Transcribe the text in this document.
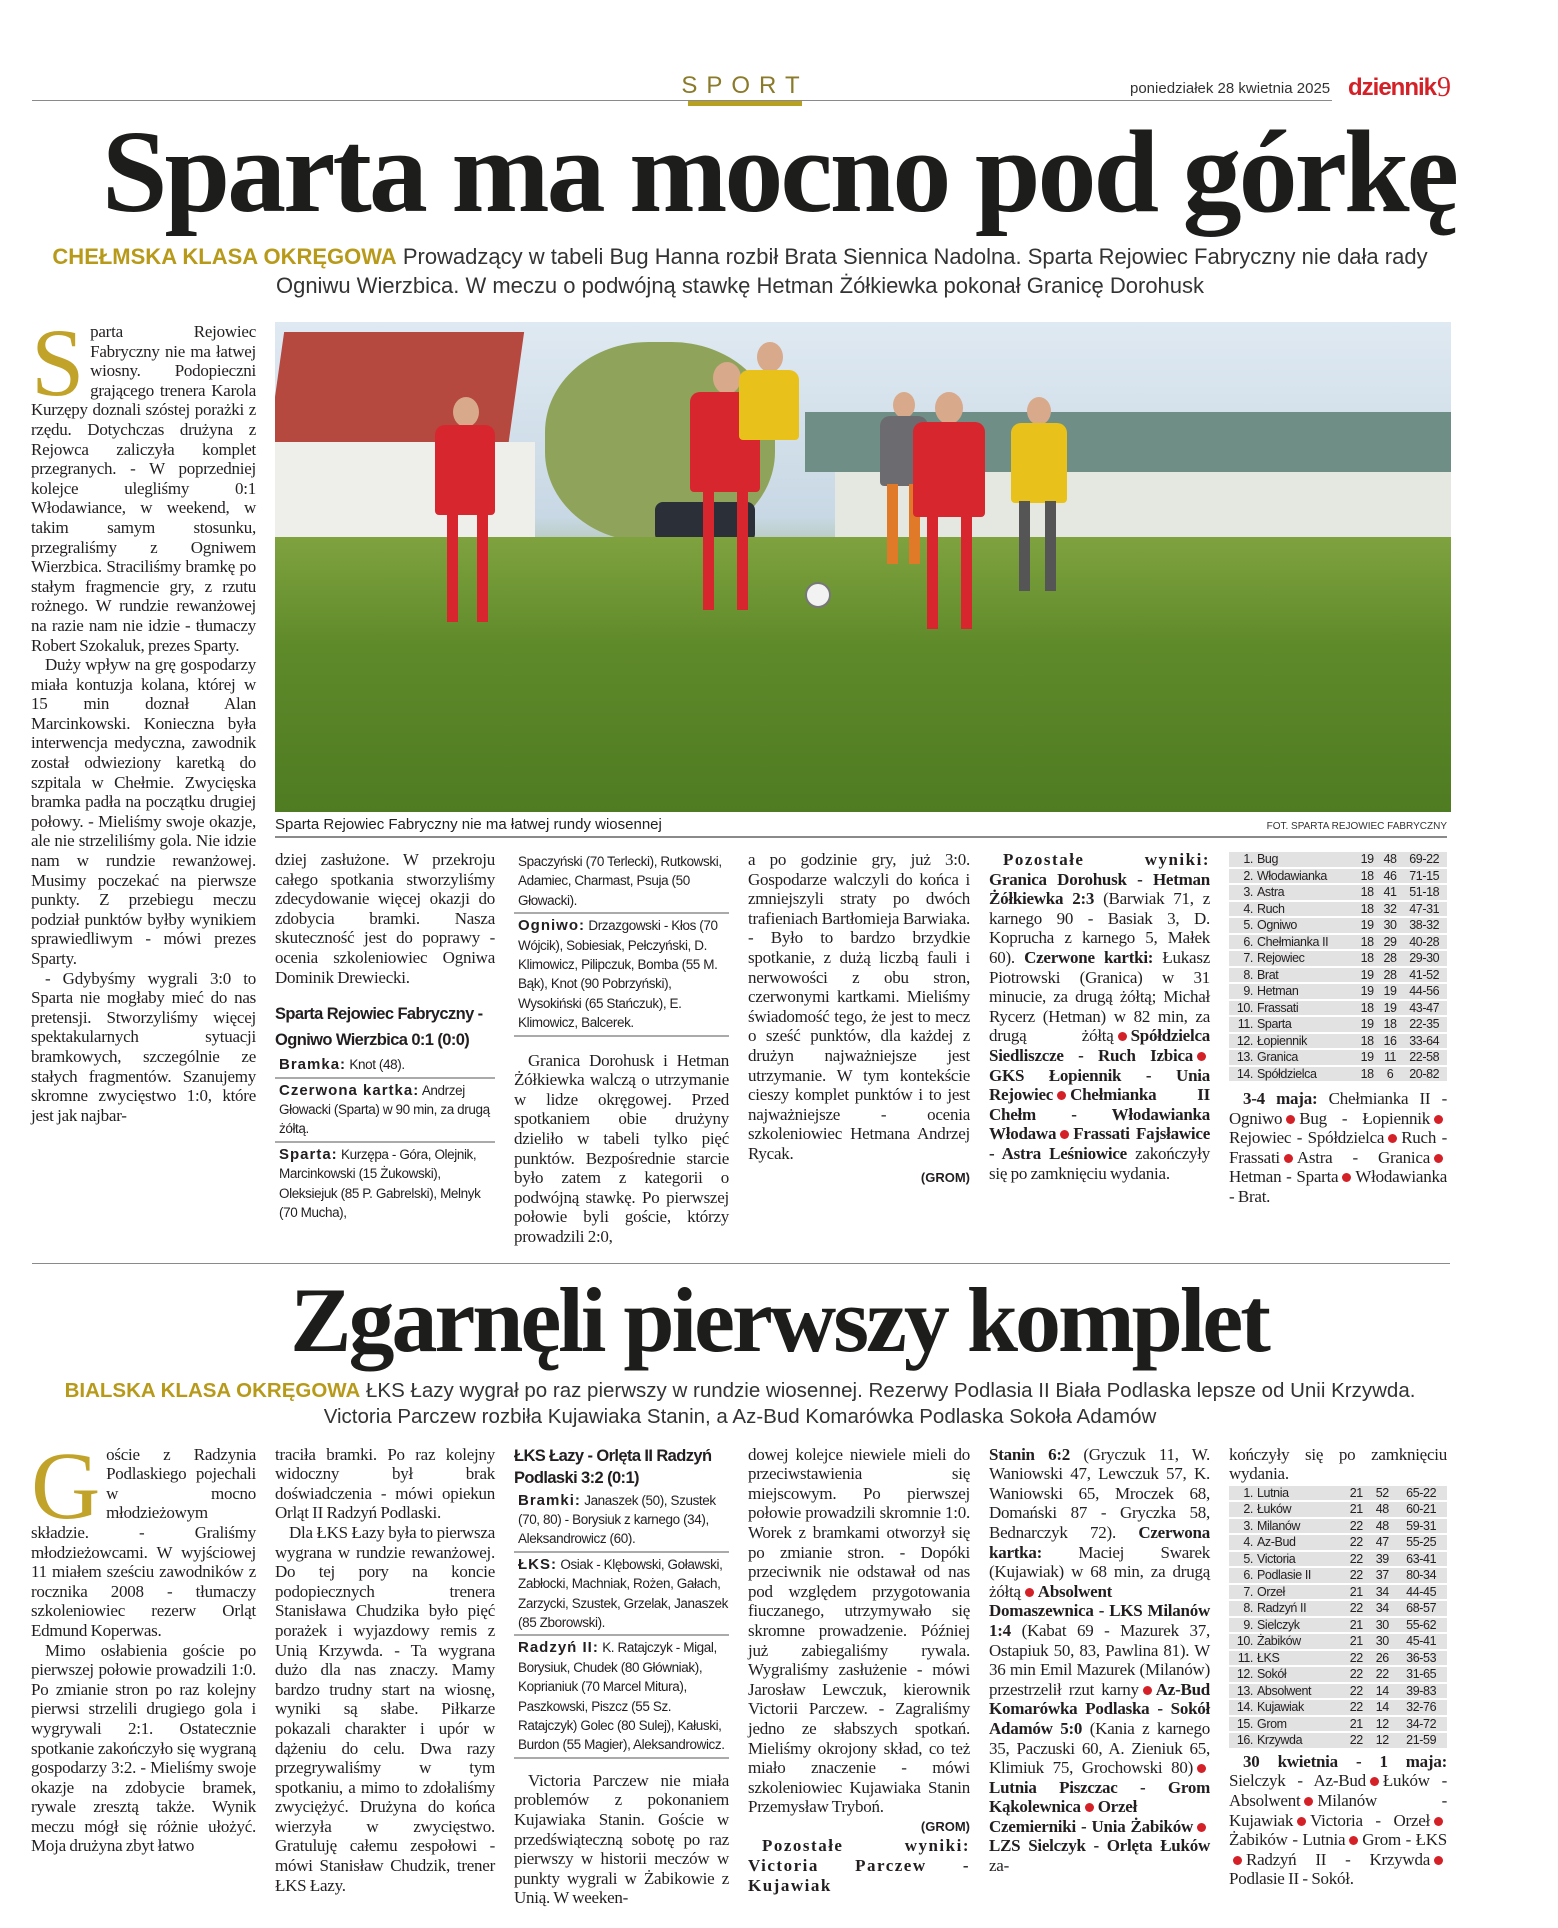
SPORT	poniedziałek 28 kwietnia 2025 dziennik 9
Sparta ma mocno pod górkę
CHEŁMSKA KLASA OKRĘGOWA Prowadzący w tabeli Bug Hanna rozbił Brata Siennica Nadolna. Sparta Rejowiec Fabryczny nie dała rady Ogniwu Wierzbica. W meczu o podwójną stawkę Hetman Żółkiewka pokonał Granicę Dorohusk
S parta Rejowiec Fabryczny nie ma łatwej wiosny. Podopieczni grającego trenera Karola Kurzępy doznali szóstej porażki z rzędu. Dotychczas drużyna z Rejowca zaliczyła komplet przegranych. - W poprzedniej kolejce ulegliśmy 0:1 Włodawiance, w weekend, w takim samym stosunku, przegraliśmy z Ogniwem Wierzbica. Straciliśmy bramkę po stałym fragmencie gry, z rzutu rożnego. W rundzie rewanżowej na razie nam nie idzie - tłumaczy Robert Szokaluk, prezes Sparty.

Duży wpływ na grę gospodarzy miała kontuzja kolana, której w 15 min doznał Alan Marcinkowski. Konieczna była interwencja medyczna, zawodnik został odwieziony karetką do szpitala w Chełmie. Zwycięska bramka padła na początku drugiej połowy. - Mieliśmy swoje okazje, ale nie strzeliliśmy gola. Nie idzie nam w rundzie rewanżowej. Musimy poczekać na pierwsze punkty. Z przebiegu meczu podział punktów byłby wynikiem sprawiedliwym - mówi prezes Sparty.

- Gdybyśmy wygrali 3:0 to Sparta nie mogłaby mieć do nas pretensji. Stworzyliśmy więcej spektakularnych sytuacji bramkowych, szczególnie ze stałych fragmentów. Szanujemy skromne zwycięstwo 1:0, które jest jak najbar-

Sparta Rejowiec Fabryczny nie ma łatwej rundy wiosennej	FOT. SPARTA REJOWIEC FABRYCZNY

dziej zasłużone. W przekroju całego spotkania stworzyliśmy zdecydowanie więcej okazji do zdobycia bramki. Nasza skuteczność jest do poprawy - ocenia szkoleniowiec Ogniwa Dominik Drewiecki.

Sparta Rejowiec Fabryczny - Ogniwo Wierzbica 0:1 (0:0)
Bramka: Knot (48).
Czerwona kartka: Andrzej Głowacki (Sparta) w 90 min, za drugą żółtą.
Sparta: Kurzępa - Góra, Olejnik, Marcinkowski (15 Żukowski), Oleksiejuk (85 P. Gabrelski), Melnyk (70 Mucha),
Spaczyński (70 Terlecki), Rutkowski, Adamiec, Charmast, Psuja (50 Głowacki).
Ogniwo: Drzazgowski - Kłos (70 Wójcik), Sobiesiak, Pełczyński, D. Klimowicz, Pilipczuk, Bomba (55 M. Bąk), Knot (90 Pobrzyński), Wysokiński (65 Stańczuk), E. Klimowicz, Balcerek.

Granica Dorohusk i Hetman Żółkiewka walczą o utrzymanie w lidze okręgowej. Przed spotkaniem obie drużyny dzieliło w tabeli tylko pięć punktów. Bezpośrednie starcie było zatem z kategorii o podwójną stawkę. Po pierwszej połowie byli goście, którzy prowadzili 2:0,

a po godzinie gry, już 3:0. Gospodarze walczyli do końca i zmniejszyli straty po dwóch trafieniach Bartłomieja Barwiaka. - Było to bardzo brzydkie spotkanie, z dużą liczbą fauli i nerwowości z obu stron, czerwonymi kartkami. Mieliśmy świadomość tego, że jest to mecz o sześć punktów, dla każdej z drużyn najważniejsze jest utrzymanie. W tym kontekście cieszy komplet punktów i to jest najważniejsze - ocenia szkoleniowiec Hetmana Andrzej Rycak.

(GROM)

Pozostałe wyniki: Granica Dorohusk - Hetman Żółkiewka 2:3 (Barwiak 71, z karnego 90 - Basiak 3, D. Koprucha z karnego 5, Małek 60). Czerwone kartki: Łukasz Piotrowski (Granica) w 31 minucie, za drugą żółtą; Michał Rycerz (Hetman) w 82 min, za drugą żółtą Spółdzielca Siedliszcze - Ruch IzbicaGKS Łopiennik - Unia Rejowiec Chełmianka II Chełm - Włodawianka Włodawa Frassati Fajsławice - Astra Leśniowice zakończyły się po zamknięciu wydania.

1.	Bug	19	48	69-22
2.	Włodawianka	18	46	71-15
3.	Astra	18	41	51-18
4.	Ruch	18	32	47-31
5.	Ogniwo	19	30	38-32
6.	Chełmianka II	18	29	40-28
7.	Rejowiec	18	28	29-30
8.	Brat	19	28	41-52
9.	Hetman	19	19	44-56
10.	Frassati	18	19	43-47
11.	Sparta	19	18	22-35
12.	Łopiennik	18	16	33-64
13.	Granica	19	11	22-58
14.	Spółdzielca	18	6	20-82

3-4 maja: Chełmianka II - Ogniwo Bug - ŁopiennikRejowiec - Spółdzielca Ruch - Frassati Astra - GranicaHetman - Sparta Włodawianka - Brat.

Zgarnęli pierwszy komplet
BIALSKA KLASA OKRĘGOWA ŁKS Łazy wygrał po raz pierwszy w rundzie wiosennej. Rezerwy Podlasia II Biała Podlaska lepsze od Unii Krzywda. Victoria Parczew rozbiła Kujawiaka Stanin, a Az-Bud Komarówka Podlaska Sokoła Adamów
G oście z Radzynia Podlaskiego pojechali w mocno młodzieżowym składzie. - Graliśmy młodzieżowcami. W wyjściowej 11 miałem sześciu zawodników z rocznika 2008 - tłumaczy szkoleniowiec rezerw Orląt Edmund Koperwas.

Mimo osłabienia goście po pierwszej połowie prowadzili 1:0. Po zmianie stron po raz kolejny pierwsi strzelili drugiego gola i wygrywali 2:1. Ostatecznie spotkanie zakończyło się wygraną gospodarzy 3:2. - Mieliśmy swoje okazje na zdobycie bramek, rywale zresztą także. Wynik meczu mógł się różnie ułożyć. Moja drużyna zbyt łatwo

traciła bramki. Po raz kolejny widoczny był brak doświadczenia - mówi opiekun Orląt II Radzyń Podlaski.

Dla ŁKS Łazy była to pierwsza wygrana w rundzie rewanżowej. Do tej pory na koncie podopiecznych trenera Stanisława Chudzika było pięć porażek i wyjazdowy remis z Unią Krzywda. - Ta wygrana dużo dla nas znaczy. Mamy bardzo trudny start na wiosnę, wyniki są słabe. Piłkarze pokazali charakter i upór w dążeniu do celu. Dwa razy przegrywaliśmy w tym spotkaniu, a mimo to zdołaliśmy zwyciężyć. Drużyna do końca wierzyła w zwycięstwo. Gratuluję całemu zespołowi - mówi Stanisław Chudzik, trener ŁKS Łazy.

ŁKS Łazy - Orlęta II Radzyń Podlaski 3:2 (0:1)
Bramki: Janaszek (50), Szustek (70, 80) - Borysiuk z karnego (34), Aleksandrowicz (60).
ŁKS: Osiak - Klębowski, Goławski, Zabłocki, Machniak, Rożen, Gałach, Zarzycki, Szustek, Grzelak, Janaszek (85 Zborowski).
Radzyń II: K. Ratajczyk - Migal, Borysiuk, Chudek (80 Główniak), Koprianiuk (70 Marcel Mitura), Paszkowski, Piszcz (55 Sz. Ratajczyk) Golec (80 Sulej), Kałuski, Burdon (55 Magier), Aleksandrowicz.

Victoria Parczew nie miała problemów z pokonaniem Kujawiaka Stanin. Goście w przedświąteczną sobotę po raz pierwszy w historii meczów w punkty wygrali w Żabikowie z Unią. W weeken-

dowej kolejce niewiele mieli do przeciwstawienia się miejscowym. Po pierwszej połowie prowadzili skromnie 1:0. Worek z bramkami otworzył się po zmianie stron. - Dopóki przeciwnik nie odstawał od nas pod względem przygotowania fiuczanego, utrzymywało się skromne prowadzenie. Później już zabiegaliśmy rywala. Wygraliśmy zasłużenie - mówi Jarosław Lewczuk, kierownik Victorii Parczew. - Zagraliśmy jedno ze słabszych spotkań. Mieliśmy okrojony skład, co też miało znaczenie - mówi szkoleniowiec Kujawiaka Stanin Przemysław Tryboń.

(GROM)

Pozostałe wyniki: Victoria Parczew - Kujawiak

Stanin 6:2 (Gryczuk 11, W. Waniowski 47, Lewczuk 57, K. Waniowski 65, Mroczek 68, Domański 87 - Gryczka 58, Bednarczyk 72). Czerwona kartka: Maciej Swarek (Kujawiak) w 68 min, za drugą żółtą Absolwent Domaszewnica - LKS Milanów 1:4 (Kabat 69 - Mazurek 37, Ostapiuk 50, 83, Pawlina 81). W 36 min Emil Mazurek (Milanów) przestrzelił rzut karny Az-Bud Komarówka Podlaska - Sokół Adamów 5:0 (Kania z karnego 35, Paczuski 60, A. Zieniuk 65, Klimiuk 75, Grochowski 80)Lutnia Piszczac - Grom Kąkolewnica Orzeł Czemierniki - Unia ŻabikówLZS Sielczyk - Orlęta Łuków za-

kończyły się po zamknięciu wydania.

1.	Lutnia	21	52	65-22
2.	Łuków	21	48	60-21
3.	Milanów	22	48	59-31
4.	Az-Bud	22	47	55-25
5.	Victoria	22	39	63-41
6.	Podlasie II	22	37	80-34
7.	Orzeł	21	34	44-45
8.	Radzyń II	22	34	68-57
9.	Sielczyk	21	30	55-62
10.	Żabików	21	30	45-41
11.	ŁKS	22	26	36-53
12.	Sokół	22	22	31-65
13.	Absolwent	22	14	39-83
14.	Kujawiak	22	14	32-76
15.	Grom	21	12	34-72
16.	Krzywda	22	12	21-59

30 kwietnia - 1 maja: Sielczyk - Az-Bud Łuków - Absolwent Milanów - Kujawiak Victoria - OrzełŻabików - Lutnia Grom - ŁKSRadzyń II - KrzywdaPodlasie II - Sokół.
